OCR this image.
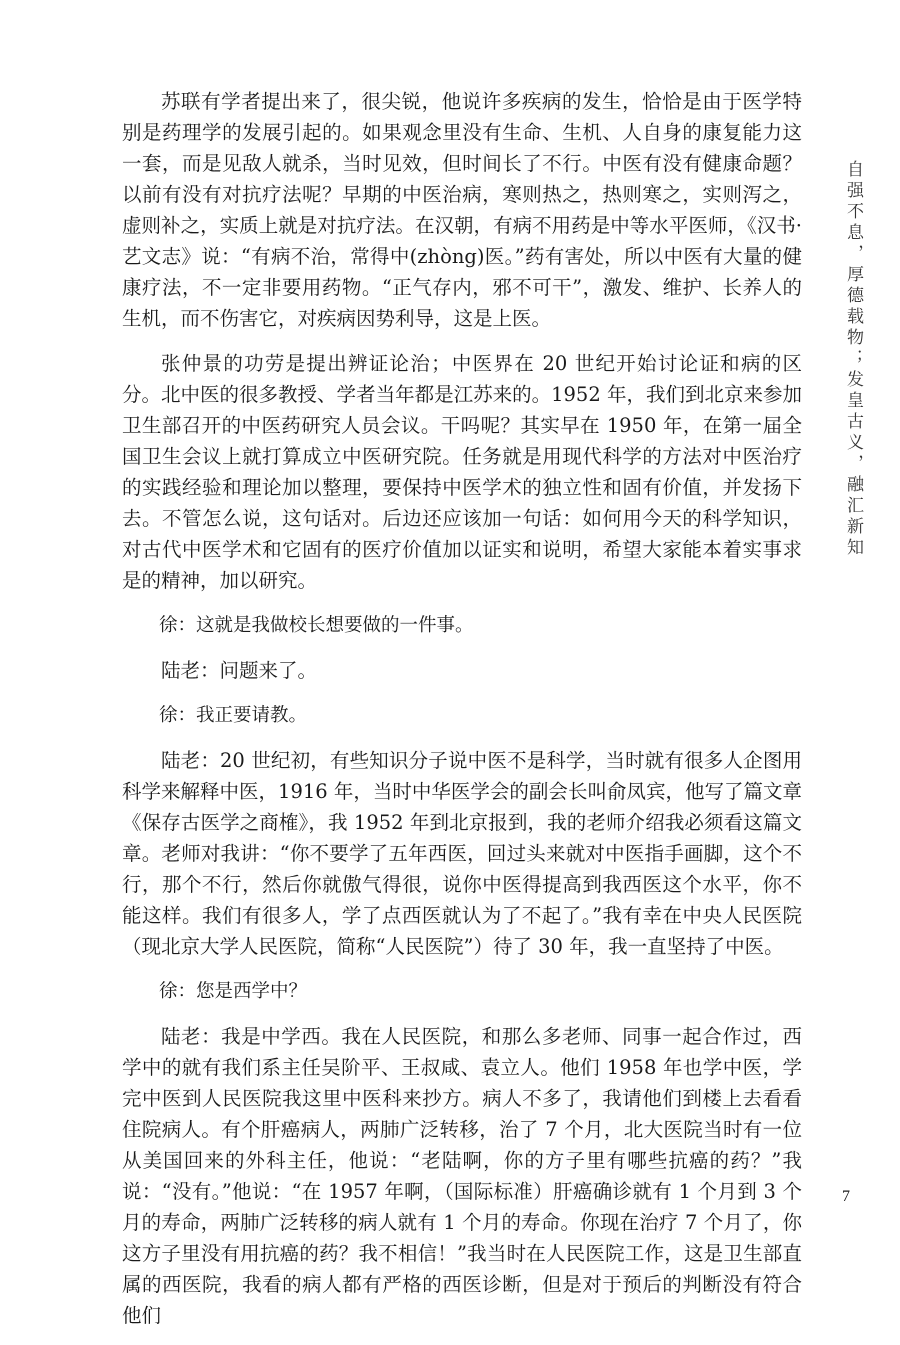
苏联有学者提出来了，很尖锐，他说许多疾病的发生，恰恰是由于医学特别是药理学的发展引起的。如果观念里没有生命、生机、人自身的康复能力这一套，而是见敌人就杀，当时见效，但时间长了不行。中医有没有健康命题？以前有没有对抗疗法呢？早期的中医治病，寒则热之，热则寒之，实则泻之，虚则补之，实质上就是对抗疗法。在汉朝，有病不用药是中等水平医师，《汉书·艺文志》说：“有病不治，常得中(zhòng)医。”药有害处，所以中医有大量的健康疗法，不一定非要用药物。“正气存内，邪不可干”，激发、维护、长养人的生机，而不伤害它，对疾病因势利导，这是上医。

张仲景的功劳是提出辨证论治；中医界在 20 世纪开始讨论证和病的区分。北中医的很多教授、学者当年都是江苏来的。1952 年，我们到北京来参加卫生部召开的中医药研究人员会议。干吗呢？其实早在 1950 年，在第一届全国卫生会议上就打算成立中医研究院。任务就是用现代科学的方法对中医治疗的实践经验和理论加以整理，要保持中医学术的独立性和固有价值，并发扬下去。不管怎么说，这句话对。后边还应该加一句话：如何用今天的科学知识，对古代中医学术和它固有的医疗价值加以证实和说明，希望大家能本着实事求是的精神，加以研究。

徐：这就是我做校长想要做的一件事。

陆老：问题来了。

徐：我正要请教。

陆老：20 世纪初，有些知识分子说中医不是科学，当时就有很多人企图用科学来解释中医，1916 年，当时中华医学会的副会长叫俞凤宾，他写了篇文章《保存古医学之商榷》，我 1952 年到北京报到，我的老师介绍我必须看这篇文章。老师对我讲：“你不要学了五年西医，回过头来就对中医指手画脚，这个不行，那个不行，然后你就傲气得很，说你中医得提高到我西医这个水平，你不能这样。我们有很多人，学了点西医就认为了不起了。”我有幸在中央人民医院（现北京大学人民医院，简称“人民医院”）待了 30 年，我一直坚持了中医。

徐：您是西学中？

陆老：我是中学西。我在人民医院，和那么多老师、同事一起合作过，西学中的就有我们系主任吴阶平、王叔咸、袁立人。他们 1958 年也学中医，学完中医到人民医院我这里中医科来抄方。病人不多了，我请他们到楼上去看看住院病人。有个肝癌病人，两肺广泛转移，治了 7 个月，北大医院当时有一位从美国回来的外科主任，他说：“老陆啊，你的方子里有哪些抗癌的药？”我说：“没有。”他说：“在 1957 年啊，（国际标准）肝癌确诊就有 1 个月到 3 个月的寿命，两肺广泛转移的病人就有 1 个月的寿命。你现在治疗 7 个月了，你这方子里没有用抗癌的药？我不相信！”我当时在人民医院工作，这是卫生部直属的西医院，我看的病人都有严格的西医诊断，但是对于预后的判断没有符合他们

自强不息，厚德载物；发皇古义，融汇新知
7
